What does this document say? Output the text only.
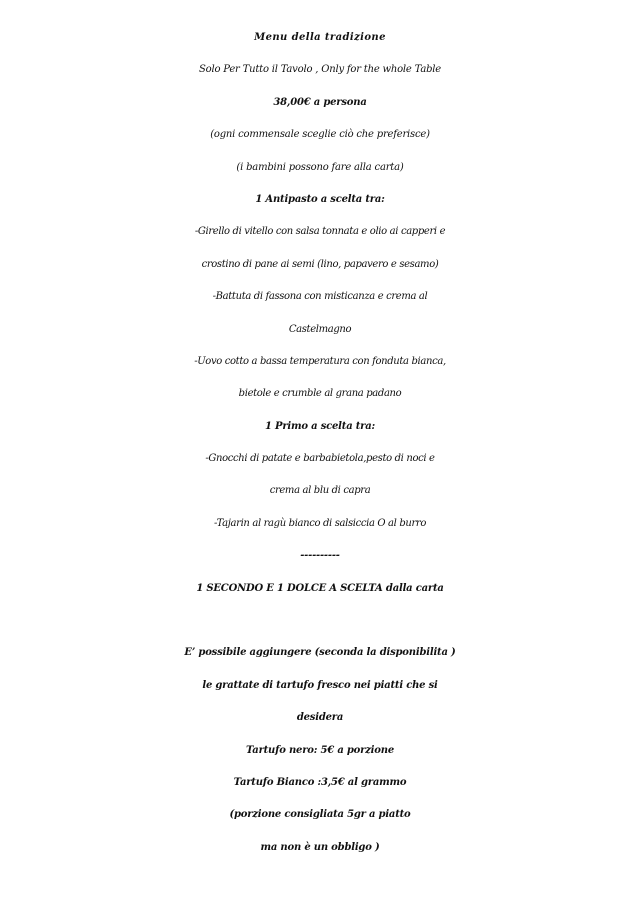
Menu della tradizione
Solo Per Tutto il Tavolo , Only for the whole Table
38,00€ a persona
(ogni commensale sceglie ciò che preferisce)
(i bambini possono fare alla carta)
1 Antipasto a scelta tra:
-Girello di vitello con salsa tonnata e olio ai capperi e
crostino di pane ai semi (lino, papavero e sesamo)
-Battuta di fassona con misticanza e crema al
Castelmagno
-Uovo cotto a bassa temperatura con fonduta bianca,
bietole e crumble al grana padano
1 Primo a scelta tra:
-Gnocchi di patate e barbabietola,pesto di noci e
crema al blu di capra
-Tajarin al ragù bianco di salsiccia O al burro
----------
1 SECONDO E 1 DOLCE A SCELTA dalla carta
E’ possibile aggiungere (seconda la disponibilita )
le grattate di tartufo fresco nei piatti che si
desidera
Tartufo nero: 5€ a porzione
Tartufo Bianco :3,5€ al grammo
(porzione consigliata 5gr a piatto
ma non è un obbligo )
